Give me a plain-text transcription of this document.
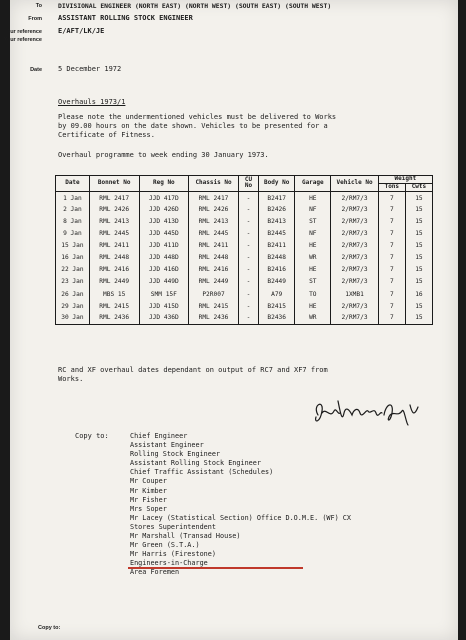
To	DIVISIONAL ENGINEER (NORTH EAST) (NORTH WEST) (SOUTH EAST) (SOUTH WEST)
From ASSISTANT ROLLING STOCK ENGINEER
Our reference E/AFT/LK/JE
Your reference
Date 5 December 1972
Overhauls 1973/1
Please note the undermentioned vehicles must be delivered to Works
by 09.00 hours on the date shown. Vehicles to be presented for a
Certificate of Fitness.
Overhaul programme to week ending 30 January 1973.
Date	Bonnet No	Reg No	Chassis No	CU No	Body No	Garage	Vehicle No	Weight	
								Tons	Cwts
1 Jan	RML 2417	JJD 417D	RML 2417	-	B2417	HE	2/RM7/3	7	15
2 Jan	RML 2426	JJD 426D	RML 2426	-	B2426	NF	2/RM7/3	7	15
8 Jan	RML 2413	JJD 413D	RML 2413	-	B2413	ST	2/RM7/3	7	15
9 Jan	RML 2445	JJD 445D	RML 2445	-	B2445	NF	2/RM7/3	7	15
15 Jan	RML 2411	JJD 411D	RML 2411	-	B2411	HE	2/RM7/3	7	15
16 Jan	RML 2448	JJD 448D	RML 2448	-	B2448	WR	2/RM7/3	7	15
22 Jan	RML 2416	JJD 416D	RML 2416	-	B2416	HE	2/RM7/3	7	15
23 Jan	RML 2449	JJD 449D	RML 2449	-	B2449	ST	2/RM7/3	7	15
26 Jan	MBS 15	SMM 15F	P2R007	-	A79	TO	1XMB1	7	16
29 Jan	RML 2415	JJD 415D	RML 2415	-	B2415	HE	2/RM7/3	7	15
30 Jan	RML 2436	JJD 436D	RML 2436	-	B2436	WR	2/RM7/3	7	15
RC and XF overhaul dates dependant on output of RC7 and XF7 from
Works.
Copy to:	Chief Engineer
Assistant Engineer
Rolling Stock Engineer
Assistant Rolling Stock Engineer
Chief Traffic Assistant (Schedules)
Mr Couper
Mr Kimber
Mr Fisher
Mrs Soper
Mr Lacey (Statistical Section) Office D.O.M.E. (WF) CX
Stores Superintendent
Mr Marshall (Transad House)
Mr Green (S.T.A.)
Mr Harris (Firestone)
Engineers-in-Charge
Area Foremen
Copy to:
